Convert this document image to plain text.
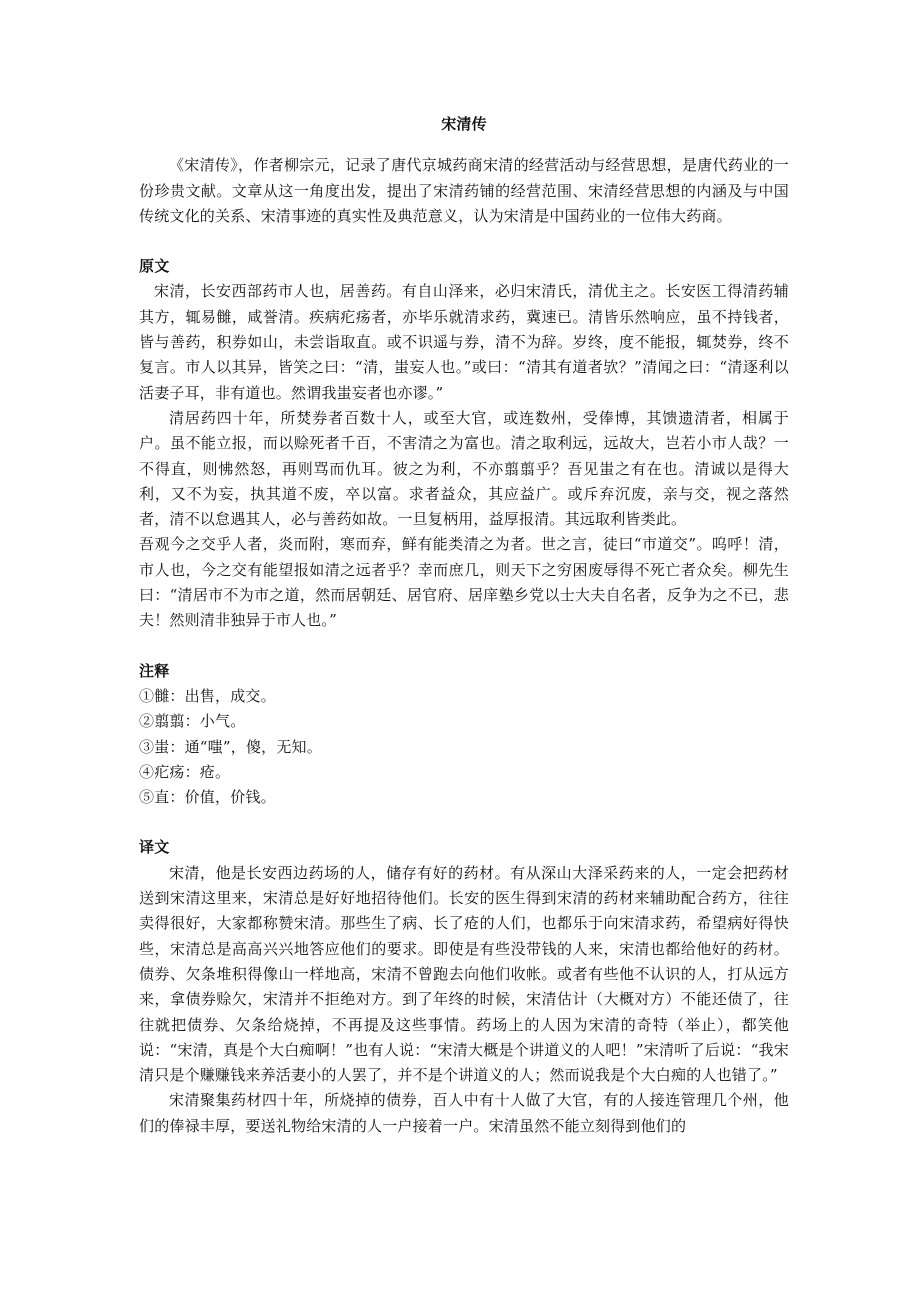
宋清传

《宋清传》，作者柳宗元，记录了唐代京城药商宋清的经营活动与经营思想，是唐代药业的一份珍贵文献。文章从这一角度出发，提出了宋清药铺的经营范围、宋清经营思想的内涵及与中国传统文化的关系、宋清事迹的真实性及典范意义，认为宋清是中国药业的一位伟大药商。

原文

宋清，长安西部药市人也，居善药。有自山泽来，必归宋清氏，清优主之。长安医工得清药辅其方，辄易雠，咸誉清。疾病疕疡者，亦毕乐就清求药，冀速已。清皆乐然响应，虽不持钱者，皆与善药，积券如山，未尝诣取直。或不识遥与券，清不为辞。岁终，度不能报，辄焚券，终不复言。市人以其异，皆笑之曰：“清，蚩妄人也。”或曰：“清其有道者欤？”清闻之曰：“清逐利以活妻子耳，非有道也。然谓我蚩妄者也亦谬。”

清居药四十年，所焚券者百数十人，或至大官，或连数州，受俸博，其馈遗清者，相属于户。虽不能立报，而以赊死者千百，不害清之为富也。清之取利远，远故大，岂若小市人哉？一不得直，则怫然怒，再则骂而仇耳。彼之为利，不亦翦翦乎？吾见蚩之有在也。清诚以是得大利，又不为妄，执其道不废，卒以富。求者益众，其应益广。或斥弃沉废，亲与交，视之落然者，清不以怠遇其人，必与善药如故。一旦复柄用，益厚报清。其远取利皆类此。

吾观今之交乎人者，炎而附，寒而弃，鲜有能类清之为者。世之言，徒曰“市道交”。呜呼！清，市人也，今之交有能望报如清之远者乎？幸而庶几，则天下之穷困废辱得不死亡者众矣。柳先生曰：“清居市不为市之道，然而居朝廷、居官府、居庠塾乡党以士大夫自名者，反争为之不已，悲夫！然则清非独异于市人也。”

注释

①雠：出售，成交。

②翦翦：小气。

③蚩：通“嗤”，傻，无知。

④疕疡：疮。

⑤直：价值，价钱。

译文

宋清，他是长安西边药场的人，储存有好的药材。有从深山大泽采药来的人，一定会把药材送到宋清这里来，宋清总是好好地招待他们。长安的医生得到宋清的药材来辅助配合药方，往往卖得很好，大家都称赞宋清。那些生了病、长了疮的人们，也都乐于向宋清求药，希望病好得快些，宋清总是高高兴兴地答应他们的要求。即使是有些没带钱的人来，宋清也都给他好的药材。债券、欠条堆积得像山一样地高，宋清不曾跑去向他们收帐。或者有些他不认识的人，打从远方来，拿债券赊欠，宋清并不拒绝对方。到了年终的时候，宋清估计（大概对方）不能还债了，往往就把债券、欠条给烧掉，不再提及这些事情。药场上的人因为宋清的奇特（举止），都笑他说：“宋清，真是个大白痴啊！”也有人说：“宋清大概是个讲道义的人吧！”宋清听了后说：“我宋清只是个赚赚钱来养活妻小的人罢了，并不是个讲道义的人；然而说我是个大白痴的人也错了。”

宋清聚集药材四十年，所烧掉的债券，百人中有十人做了大官，有的人接连管理几个州，他们的俸禄丰厚，要送礼物给宋清的人一户接着一户。宋清虽然不能立刻得到他们的
